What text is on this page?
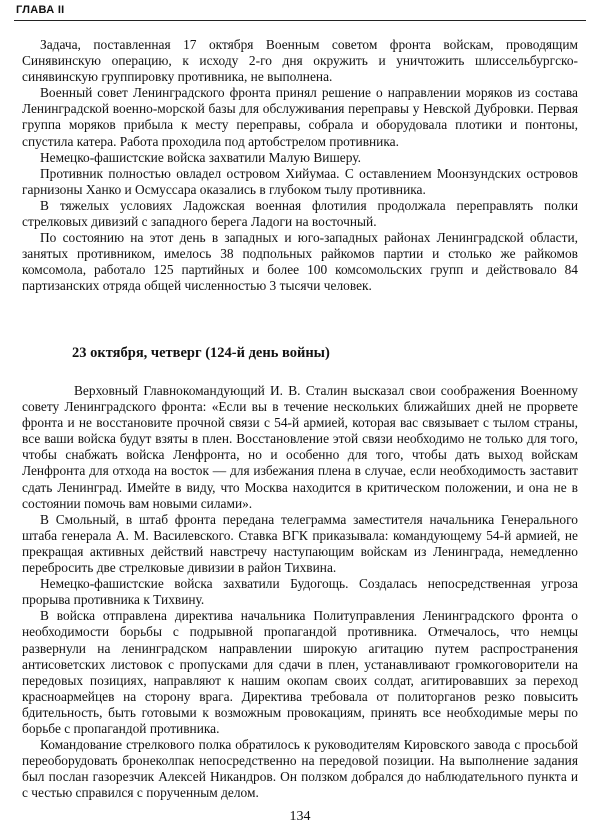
ГЛАВА II

Задача, поставленная 17 октября Военным советом фронта войскам, проводящим Синявинскую операцию, к исходу 2-го дня окружить и уничтожить шлиссельбургско-синявинскую группировку противника, не выполнена.

Военный совет Ленинградского фронта принял решение о направлении моряков из состава Ленинградской военно-морской базы для обслуживания переправы у Невской Дубровки. Первая группа моряков прибыла к месту переправы, собрала и оборудовала плотики и понтоны, спустила катера. Работа проходила под артобстрелом противника.

Немецко-фашистские войска захватили Малую Вишеру.

Противник полностью овладел островом Хийумаа. С оставлением Моонзундских островов гарнизоны Ханко и Осмуссара оказались в глубоком тылу противника.

В тяжелых условиях Ладожская военная флотилия продолжала переправлять полки стрелковых дивизий с западного берега Ладоги на восточный.

По состоянию на этот день в западных и юго-западных районах Ленинградской области, занятых противником, имелось 38 подпольных райкомов партии и столько же райкомов комсомола, работало 125 партийных и более 100 комсомольских групп и действовало 84 партизанских отряда общей численностью 3 тысячи человек.

23 октября, четверг (124-й день войны)

Верховный Главнокомандующий И. В. Сталин высказал свои соображения Военному совету Ленинградского фронта: «Если вы в течение нескольких ближайших дней не прорвете фронта и не восстановите прочной связи с 54-й армией, которая вас связывает с тылом страны, все ваши войска будут взяты в плен. Восстановление этой связи необходимо не только для того, чтобы снабжать войска Ленфронта, но и особенно для того, чтобы дать выход войскам Ленфронта для отхода на восток — для избежания плена в случае, если необходимость заставит сдать Ленинград. Имейте в виду, что Москва находится в критическом положении, и она не в состоянии помочь вам новыми силами».

В Смольный, в штаб фронта передана телеграмма заместителя начальника Генерального штаба генерала А. М. Василевского. Ставка ВГК приказывала: командующему 54-й армией, не прекращая активных действий навстречу наступающим войскам из Ленинграда, немедленно перебросить две стрелковые дивизии в район Тихвина.

Немецко-фашистские войска захватили Будогощь. Создалась непосредственная угроза прорыва противника к Тихвину.

В войска отправлена директива начальника Политуправления Ленинградского фронта о необходимости борьбы с подрывной пропагандой противника. Отмечалось, что немцы развернули на ленинградском направлении широкую агитацию путем распространения антисоветских листовок с пропусками для сдачи в плен, устанавливают громкоговорители на передовых позициях, направляют к нашим окопам своих солдат, агитировавших за переход красноармейцев на сторону врага. Директива требовала от политорганов резко повысить бдительность, быть готовыми к возможным провокациям, принять все необходимые меры по борьбе с пропагандой противника.

Командование стрелкового полка обратилось к руководителям Кировского завода с просьбой переоборудовать бронеколпак непосредственно на передовой позиции. На выполнение задания был послан газорезчик Алексей Никандров. Он ползком добрался до наблюдательного пункта и с честью справился с порученным делом.

134
